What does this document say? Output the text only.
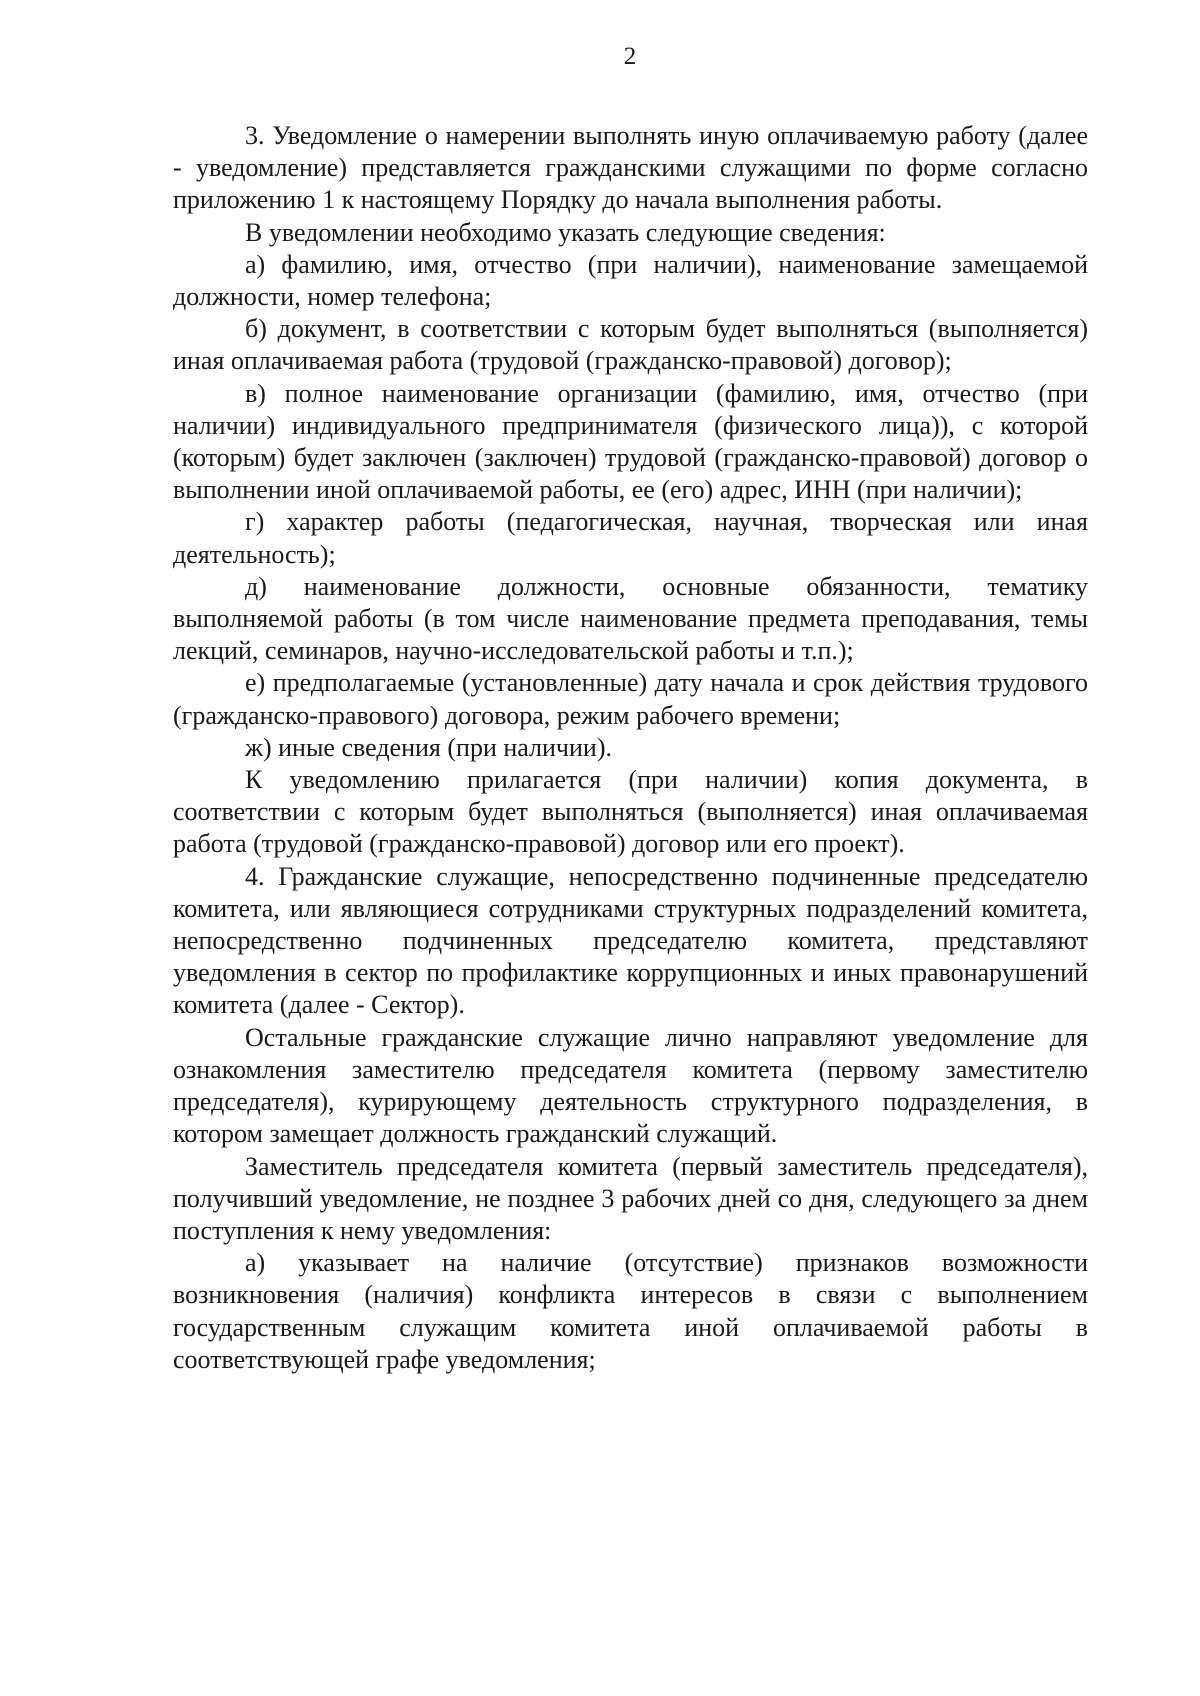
2

3. Уведомление о намерении выполнять иную оплачиваемую работу (далее - уведомление) представляется гражданскими служащими по форме согласно приложению 1 к настоящему Порядку до начала выполнения работы.

В уведомлении необходимо указать следующие сведения:

а) фамилию, имя, отчество (при наличии), наименование замещаемой должности, номер телефона;

б) документ, в соответствии с которым будет выполняться (выполняется) иная оплачиваемая работа (трудовой (гражданско-правовой) договор);

в) полное наименование организации (фамилию, имя, отчество (при наличии) индивидуального предпринимателя (физического лица)), с которой (которым) будет заключен (заключен) трудовой (гражданско-правовой) договор о выполнении иной оплачиваемой работы, ее (его) адрес, ИНН (при наличии);

г) характер работы (педагогическая, научная, творческая или иная деятельность);

д) наименование должности, основные обязанности, тематику выполняемой работы (в том числе наименование предмета преподавания, темы лекций, семинаров, научно-исследовательской работы и т.п.);

е) предполагаемые (установленные) дату начала и срок действия трудового (гражданско-правового) договора, режим рабочего времени;

ж) иные сведения (при наличии).

К уведомлению прилагается (при наличии) копия документа, в соответствии с которым будет выполняться (выполняется) иная оплачиваемая работа (трудовой (гражданско-правовой) договор или его проект).

4. Гражданские служащие, непосредственно подчиненные председателю комитета, или являющиеся сотрудниками структурных подразделений комитета, непосредственно подчиненных председателю комитета, представляют уведомления в сектор по профилактике коррупционных и иных правонарушений комитета (далее - Сектор).

Остальные гражданские служащие лично направляют уведомление для ознакомления заместителю председателя комитета (первому заместителю председателя), курирующему деятельность структурного подразделения, в котором замещает должность гражданский служащий.

Заместитель председателя комитета (первый заместитель председателя), получивший уведомление, не позднее 3 рабочих дней со дня, следующего за днем поступления к нему уведомления:

а) указывает на наличие (отсутствие) признаков возможности возникновения (наличия) конфликта интересов в связи с выполнением государственным служащим комитета иной оплачиваемой работы в соответствующей графе уведомления;
